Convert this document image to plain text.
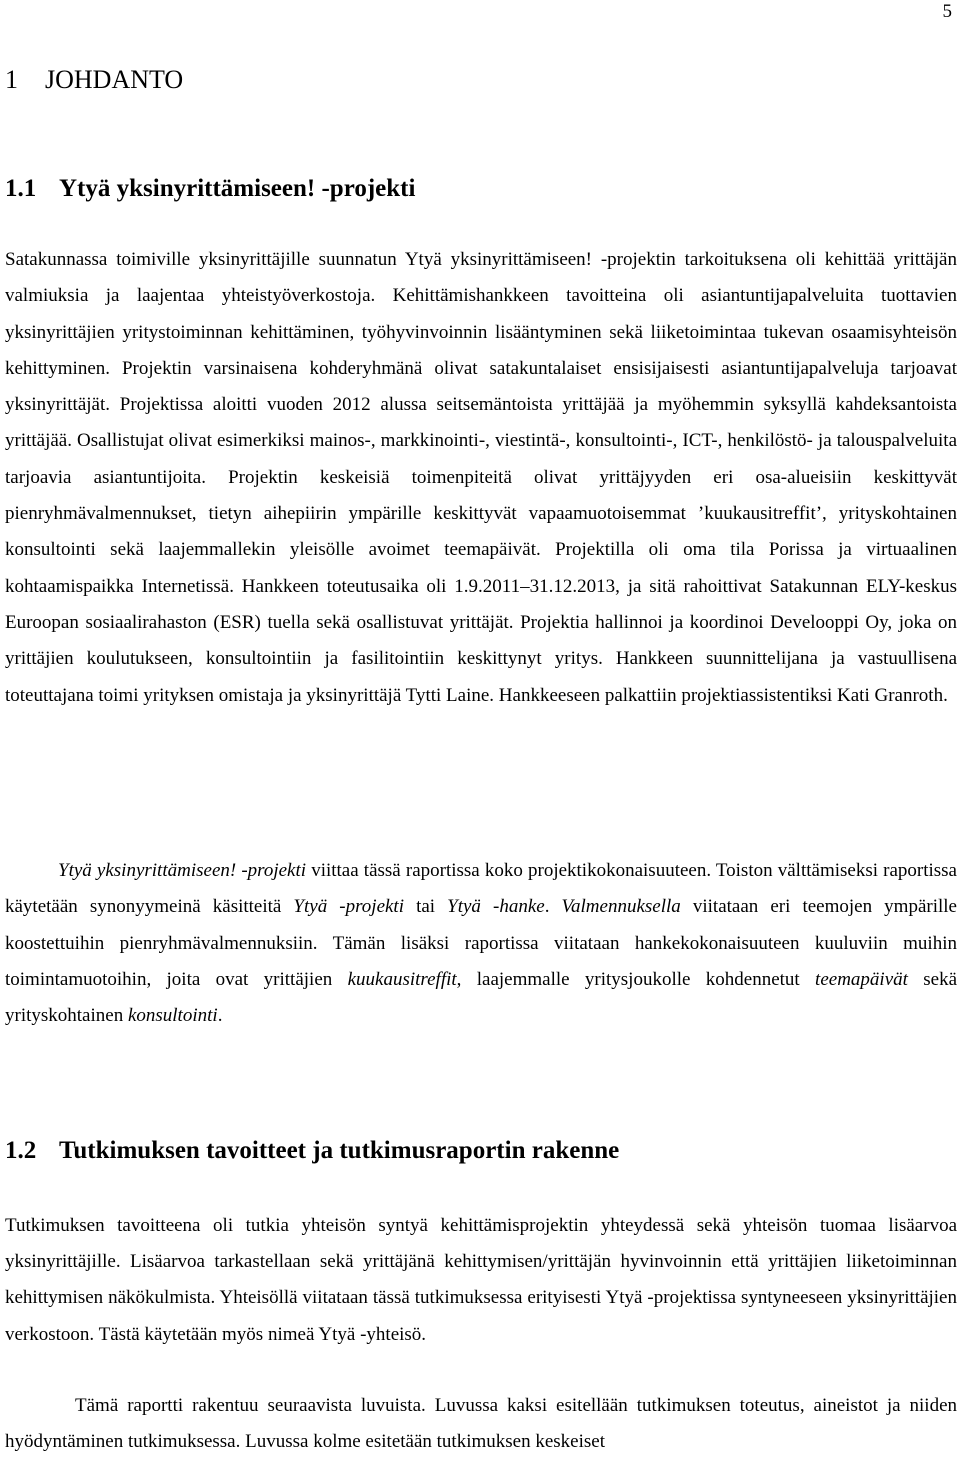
5
1 JOHDANTO
1.1 Ytyä yksinyrittämiseen! -projekti

Satakunnassa toimiville yksinyrittäjille suunnatun Ytyä yksinyrittämiseen! -projektin tarkoituksena oli kehittää yrittäjän valmiuksia ja laajentaa yhteistyöverkostoja. Kehittämishankkeen tavoitteina oli asiantuntijapalveluita tuottavien yksinyrittäjien yritystoiminnan kehittäminen, työhyvinvoinnin lisääntyminen sekä liiketoimintaa tukevan osaamisyhteisön kehittyminen. Projektin varsinaisena kohderyhmänä olivat satakuntalaiset ensisijaisesti asiantuntijapalveluja tarjoavat yksinyrittäjät. Projektissa aloitti vuoden 2012 alussa seitsemäntoista yrittäjää ja myöhemmin syksyllä kahdeksantoista yrittäjää. Osallistujat olivat esimerkiksi mainos-, markkinointi-, viestintä-, konsultointi-, ICT-, henkilöstö- ja talouspalveluita tarjoavia asiantuntijoita. Projektin keskeisiä toimenpiteitä olivat yrittäjyyden eri osa-alueisiin keskittyvät pienryhmävalmennukset, tietyn aihepiirin ympärille keskittyvät vapaamuotoisemmat ’kuukausitreffit’, yrityskohtainen konsultointi sekä laajemmallekin yleisölle avoimet teemapäivät. Projektilla oli oma tila Porissa ja virtuaalinen kohtaamispaikka Internetissä. Hankkeen toteutusaika oli 1.9.2011–31.12.2013, ja sitä rahoittivat Satakunnan ELY-keskus Euroopan sosiaalirahaston (ESR) tuella sekä osallistuvat yrittäjät. Projektia hallinnoi ja koordinoi Develooppi Oy, joka on yrittäjien koulutukseen, konsultointiin ja fasilitointiin keskittynyt yritys. Hankkeen suunnittelijana ja vastuullisena toteuttajana toimi yrityksen omistaja ja yksinyrittäjä Tytti Laine. Hankkeeseen palkattiin projektiassistentiksi Kati Granroth.

Ytyä yksinyrittämiseen! -projekti viittaa tässä raportissa koko projektikokonaisuuteen. Toiston välttämiseksi raportissa käytetään synonyymeinä käsitteitä Ytyä -projekti tai Ytyä -hanke. Valmennuksella viitataan eri teemojen ympärille koostettuihin pienryhmävalmennuksiin. Tämän lisäksi raportissa viitataan hankekokonaisuuteen kuuluviin muihin toimintamuotoihin, joita ovat yrittäjien kuukausitreffit, laajemmalle yritysjoukolle kohdennetut teemapäivät sekä yrityskohtainen konsultointi.

1.2 Tutkimuksen tavoitteet ja tutkimusraportin rakenne

Tutkimuksen tavoitteena oli tutkia yhteisön syntyä kehittämisprojektin yhteydessä sekä yhteisön tuomaa lisäarvoa yksinyrittäjille. Lisäarvoa tarkastellaan sekä yrittäjänä kehittymisen/yrittäjän hyvinvoinnin että yrittäjien liiketoiminnan kehittymisen näkökulmista. Yhteisöllä viitataan tässä tutkimuksessa erityisesti Ytyä -projektissa syntyneeseen yksinyrittäjien verkostoon. Tästä käytetään myös nimeä Ytyä -yhteisö.

Tämä raportti rakentuu seuraavista luvuista. Luvussa kaksi esitellään tutkimuksen toteutus, aineistot ja niiden hyödyntäminen tutkimuksessa. Luvussa kolme esitetään tutkimuksen keskeiset
